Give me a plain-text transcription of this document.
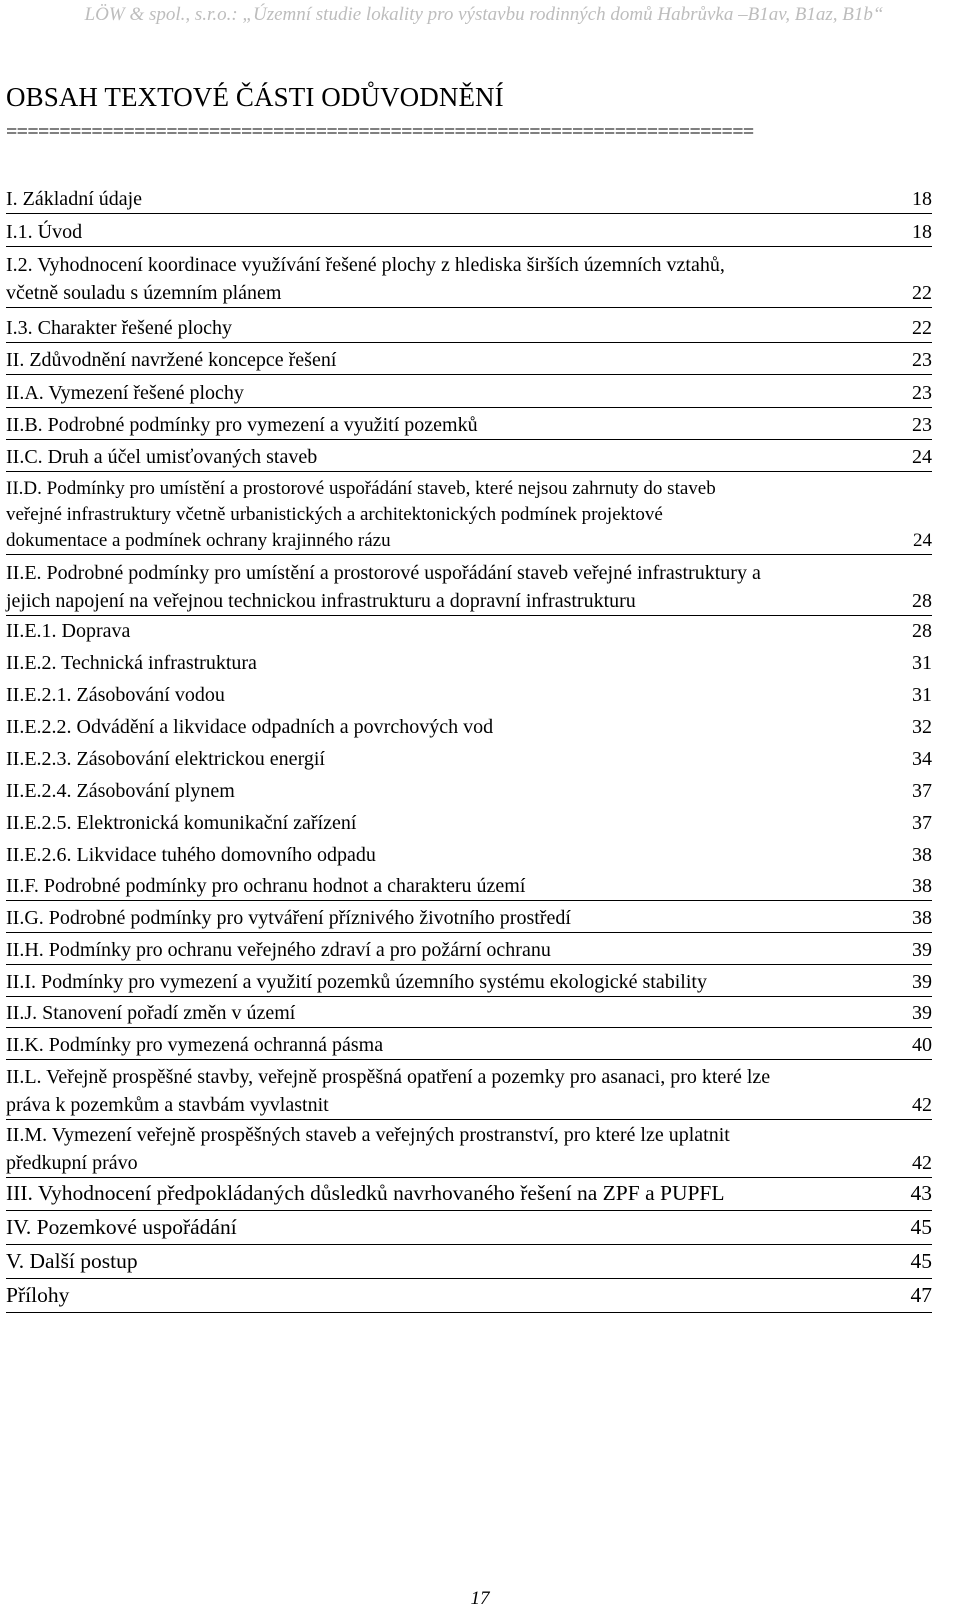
LÖW & spol., s.r.o.: „Územní studie lokality pro výstavbu rodinných domů Habrůvka –B1av, B1az, B1b“
OBSAH TEXTOVÉ ČÁSTI ODŮVODNĚNÍ
======================================================================
I. Základní údaje	18
I.1. Úvod	18
I.2. Vyhodnocení koordinace využívání řešené plochy z hlediska širších územních vztahů,
včetně souladu s územním plánem	22
I.3. Charakter řešené plochy	22
II. Zdůvodnění navržené koncepce řešení	23
II.A. Vymezení řešené plochy	23
II.B. Podrobné podmínky pro vymezení a využití pozemků	23
II.C. Druh a účel umisťovaných staveb	24
II.D. Podmínky pro umístění a prostorové uspořádání staveb, které nejsou zahrnuty do staveb
veřejné infrastruktury včetně urbanistických a architektonických podmínek projektové
dokumentace a podmínek ochrany krajinného rázu	24
II.E. Podrobné podmínky pro umístění a prostorové uspořádání staveb veřejné infrastruktury a
jejich napojení na veřejnou technickou infrastrukturu a dopravní infrastrukturu	28
II.E.1. Doprava	28
II.E.2. Technická infrastruktura	31
II.E.2.1. Zásobování vodou	31
II.E.2.2. Odvádění a likvidace odpadních a povrchových vod	32
II.E.2.3. Zásobování elektrickou energií	34
II.E.2.4. Zásobování plynem	37
II.E.2.5. Elektronická komunikační zařízení	37
II.E.2.6. Likvidace tuhého domovního odpadu	38
II.F. Podrobné podmínky pro ochranu hodnot a charakteru území	38
II.G. Podrobné podmínky pro vytváření příznivého životního prostředí	38
II.H. Podmínky pro ochranu veřejného zdraví a pro požární ochranu	39
II.I. Podmínky pro vymezení a využití pozemků územního systému ekologické stability	39
II.J. Stanovení pořadí změn v území	39
II.K. Podmínky pro vymezená ochranná pásma	40
II.L. Veřejně prospěšné stavby, veřejně prospěšná opatření a pozemky pro asanaci, pro které lze
práva k pozemkům a stavbám vyvlastnit	42
II.M. Vymezení veřejně prospěšných staveb a veřejných prostranství, pro které lze uplatnit
předkupní právo	42
III. Vyhodnocení předpokládaných důsledků navrhovaného řešení na ZPF a PUPFL	43
IV. Pozemkové uspořádání	45
V. Další postup	45
Přílohy	47
17
